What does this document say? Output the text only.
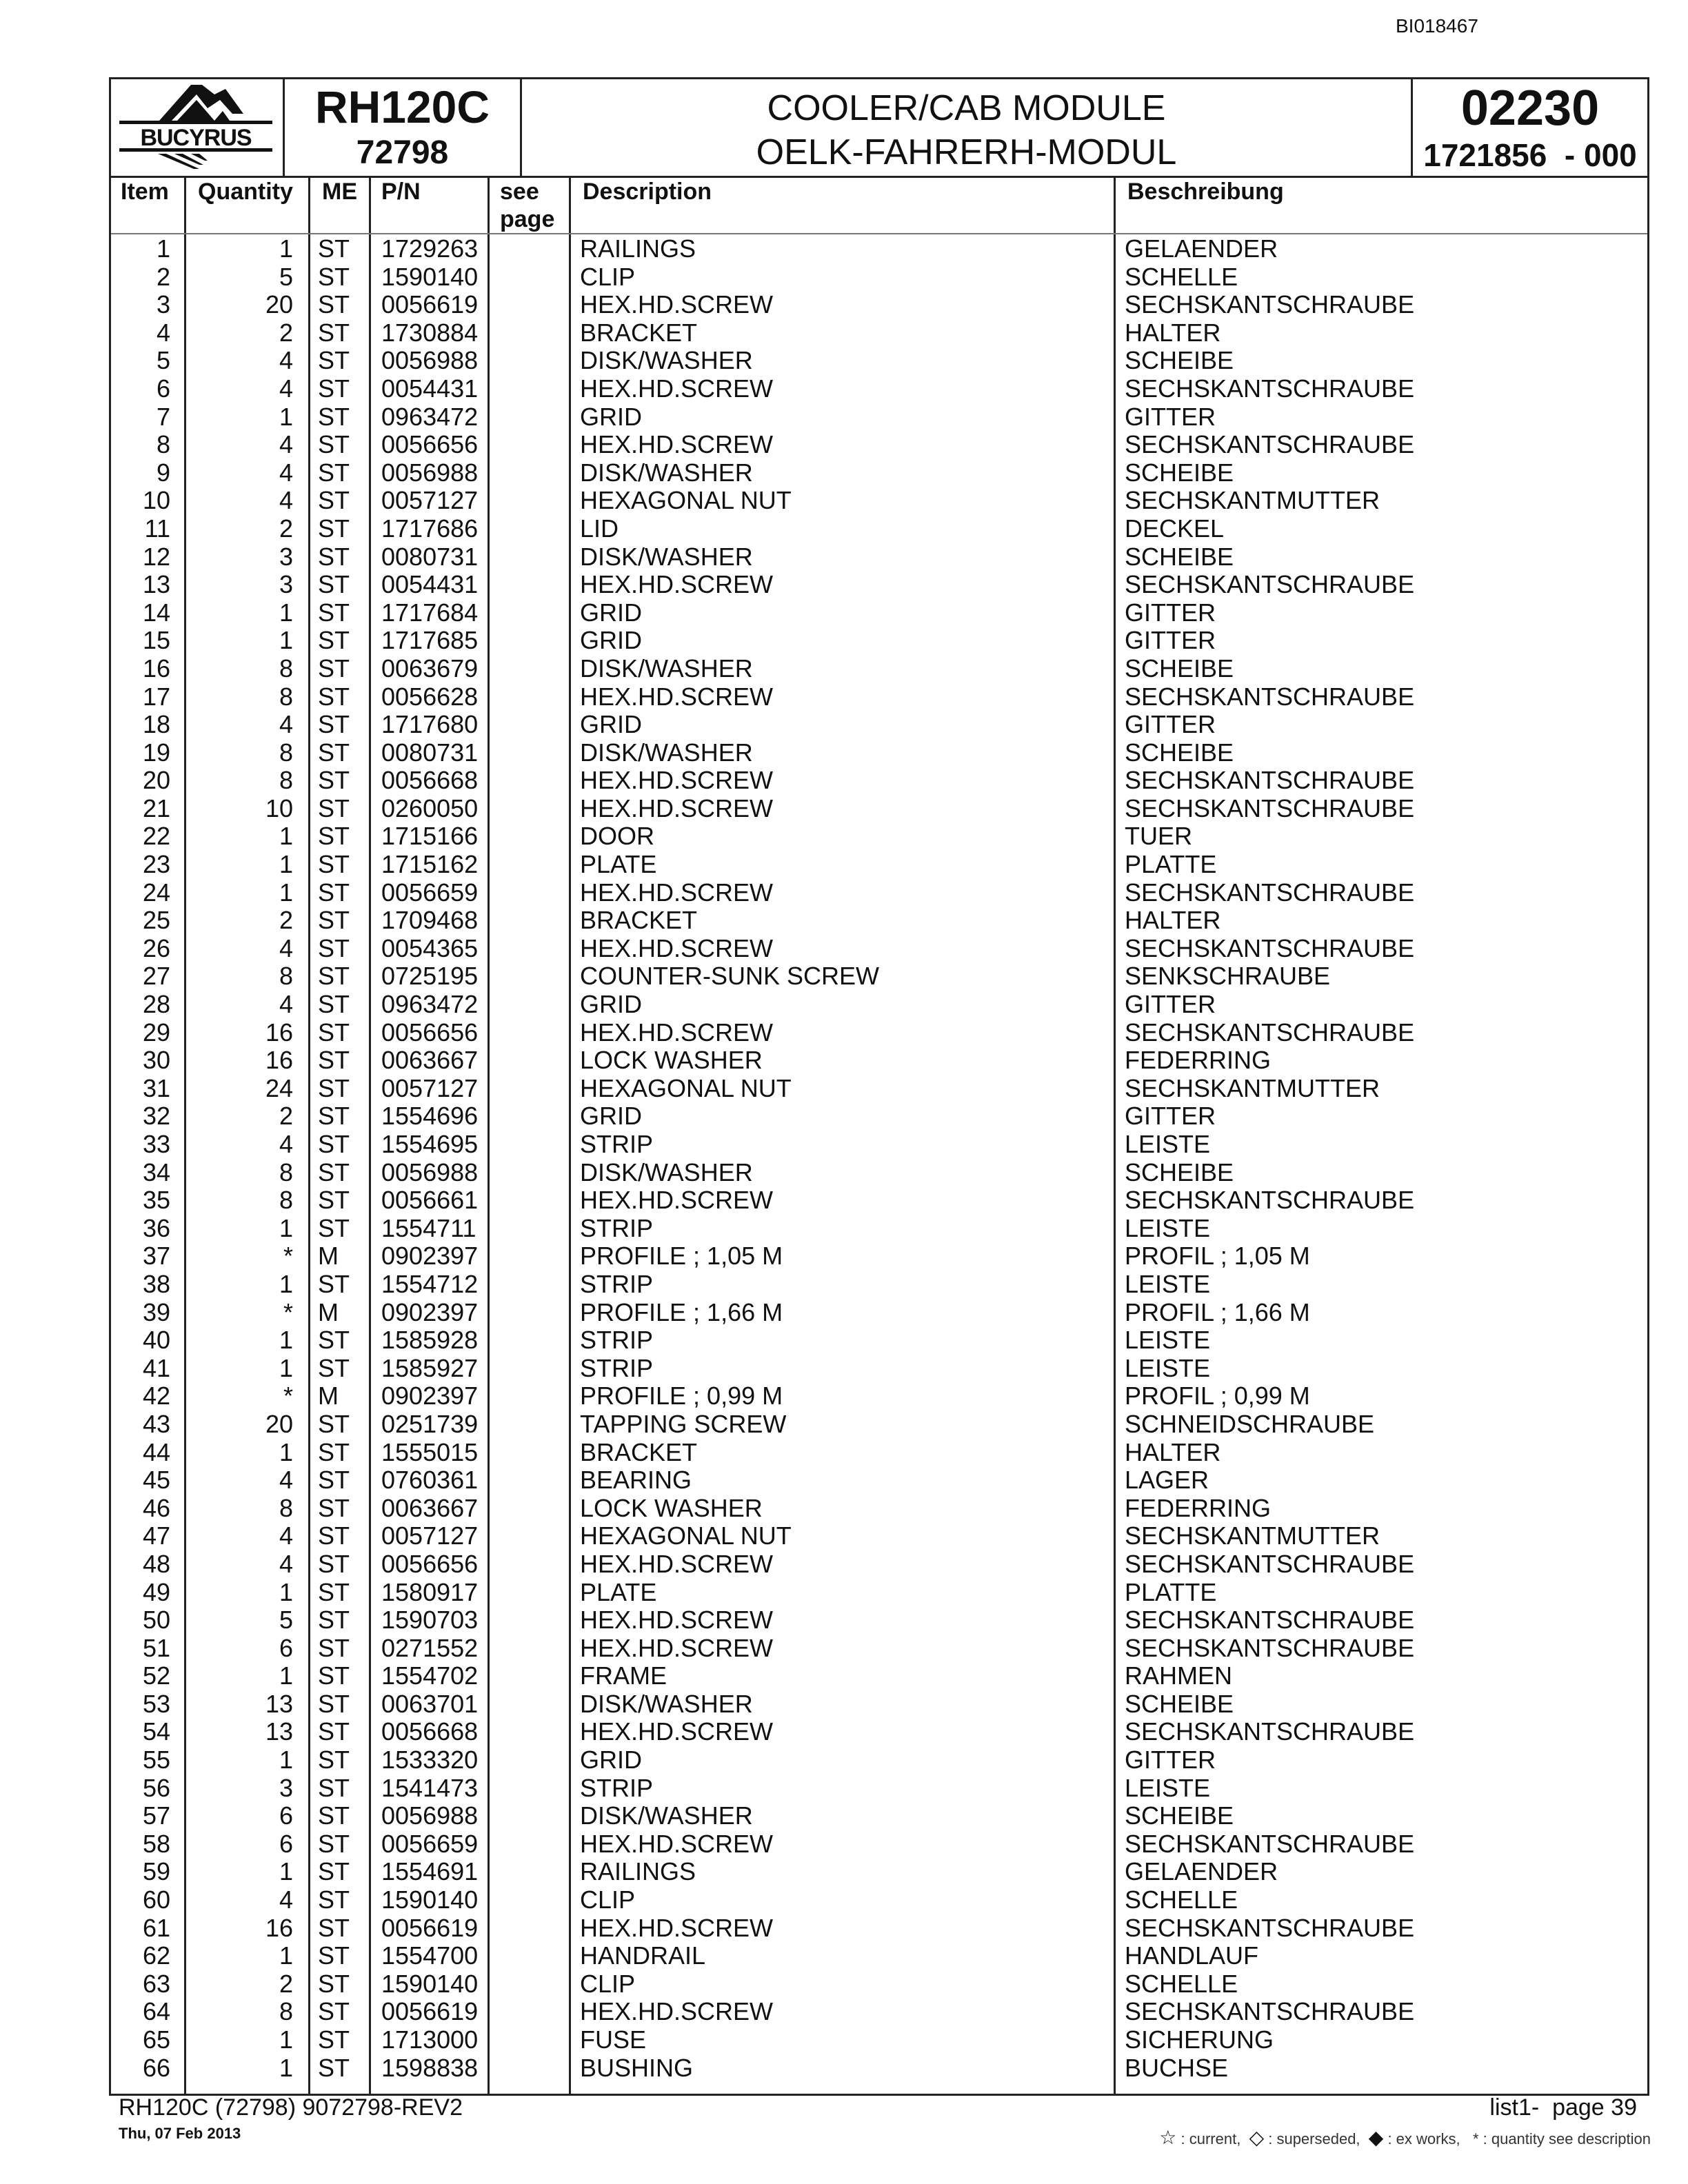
BI018467
BUCYRUS
RH120C
72798
COOLER/CAB MODULE
OELK-FAHRERH-MODUL
02230
1721856  - 000
Item Quantity ME P/N	see
page
Description	Beschreibung
1	1 ST 1729263	RAILINGS	GELAENDER
2	5 ST 1590140	CLIP	SCHELLE
3	20 ST 0056619	HEX.HD.SCREW	SECHSKANTSCHRAUBE
4	2 ST 1730884	BRACKET	HALTER
5	4 ST 0056988	DISK/WASHER	SCHEIBE
6	4 ST 0054431	HEX.HD.SCREW	SECHSKANTSCHRAUBE
7	1 ST 0963472	GRID	GITTER
8	4 ST 0056656	HEX.HD.SCREW	SECHSKANTSCHRAUBE
9	4 ST 0056988	DISK/WASHER	SCHEIBE
10	4 ST 0057127	HEXAGONAL NUT	SECHSKANTMUTTER
11	2 ST 1717686	LID	DECKEL
12	3 ST 0080731	DISK/WASHER	SCHEIBE
13	3 ST 0054431	HEX.HD.SCREW	SECHSKANTSCHRAUBE
14	1 ST 1717684	GRID	GITTER
15	1 ST 1717685	GRID	GITTER
16	8 ST 0063679	DISK/WASHER	SCHEIBE
17	8 ST 0056628	HEX.HD.SCREW	SECHSKANTSCHRAUBE
18	4 ST 1717680	GRID	GITTER
19	8 ST 0080731	DISK/WASHER	SCHEIBE
20	8 ST 0056668	HEX.HD.SCREW	SECHSKANTSCHRAUBE
21	10 ST 0260050	HEX.HD.SCREW	SECHSKANTSCHRAUBE
22	1 ST 1715166	DOOR	TUER
23	1 ST 1715162	PLATE	PLATTE
24	1 ST 0056659	HEX.HD.SCREW	SECHSKANTSCHRAUBE
25	2 ST 1709468	BRACKET	HALTER
26	4 ST 0054365	HEX.HD.SCREW	SECHSKANTSCHRAUBE
27	8 ST 0725195	COUNTER-SUNK SCREW	SENKSCHRAUBE
28	4 ST 0963472	GRID	GITTER
29	16 ST 0056656	HEX.HD.SCREW	SECHSKANTSCHRAUBE
30	16 ST 0063667	LOCK WASHER	FEDERRING
31	24 ST 0057127	HEXAGONAL NUT	SECHSKANTMUTTER
32	2 ST 1554696	GRID	GITTER
33	4 ST 1554695	STRIP	LEISTE
34	8 ST 0056988	DISK/WASHER	SCHEIBE
35	8 ST 0056661	HEX.HD.SCREW	SECHSKANTSCHRAUBE
36	1 ST 1554711	STRIP	LEISTE
37	* M 0902397	PROFILE ; 1,05 M	PROFIL ; 1,05 M
38	1 ST 1554712	STRIP	LEISTE
39	* M 0902397	PROFILE ; 1,66 M	PROFIL ; 1,66 M
40	1 ST 1585928	STRIP	LEISTE
41	1 ST 1585927	STRIP	LEISTE
42	* M 0902397	PROFILE ; 0,99 M	PROFIL ; 0,99 M
43	20 ST 0251739	TAPPING SCREW	SCHNEIDSCHRAUBE
44	1 ST 1555015	BRACKET	HALTER
45	4 ST 0760361	BEARING	LAGER
46	8 ST 0063667	LOCK WASHER	FEDERRING
47	4 ST 0057127	HEXAGONAL NUT	SECHSKANTMUTTER
48	4 ST 0056656	HEX.HD.SCREW	SECHSKANTSCHRAUBE
49	1 ST 1580917	PLATE	PLATTE
50	5 ST 1590703	HEX.HD.SCREW	SECHSKANTSCHRAUBE
51	6 ST 0271552	HEX.HD.SCREW	SECHSKANTSCHRAUBE
52	1 ST 1554702	FRAME	RAHMEN
53	13 ST 0063701	DISK/WASHER	SCHEIBE
54	13 ST 0056668	HEX.HD.SCREW	SECHSKANTSCHRAUBE
55	1 ST 1533320	GRID	GITTER
56	3 ST 1541473	STRIP	LEISTE
57	6 ST 0056988	DISK/WASHER	SCHEIBE
58	6 ST 0056659	HEX.HD.SCREW	SECHSKANTSCHRAUBE
59	1 ST 1554691	RAILINGS	GELAENDER
60	4 ST 1590140	CLIP	SCHELLE
61	16 ST 0056619	HEX.HD.SCREW	SECHSKANTSCHRAUBE
62	1 ST 1554700	HANDRAIL	HANDLAUF
63	2 ST 1590140	CLIP	SCHELLE
64	8 ST 0056619	HEX.HD.SCREW	SECHSKANTSCHRAUBE
65	1 ST 1713000	FUSE	SICHERUNG
66	1 ST 1598838	BUSHING	BUCHSE
RH120C (72798) 9072798-REV2
Thu, 07 Feb 2013
list1-  page 39
☆ : current, ◇ : superseded, ◆ : ex works, * : quantity see description
